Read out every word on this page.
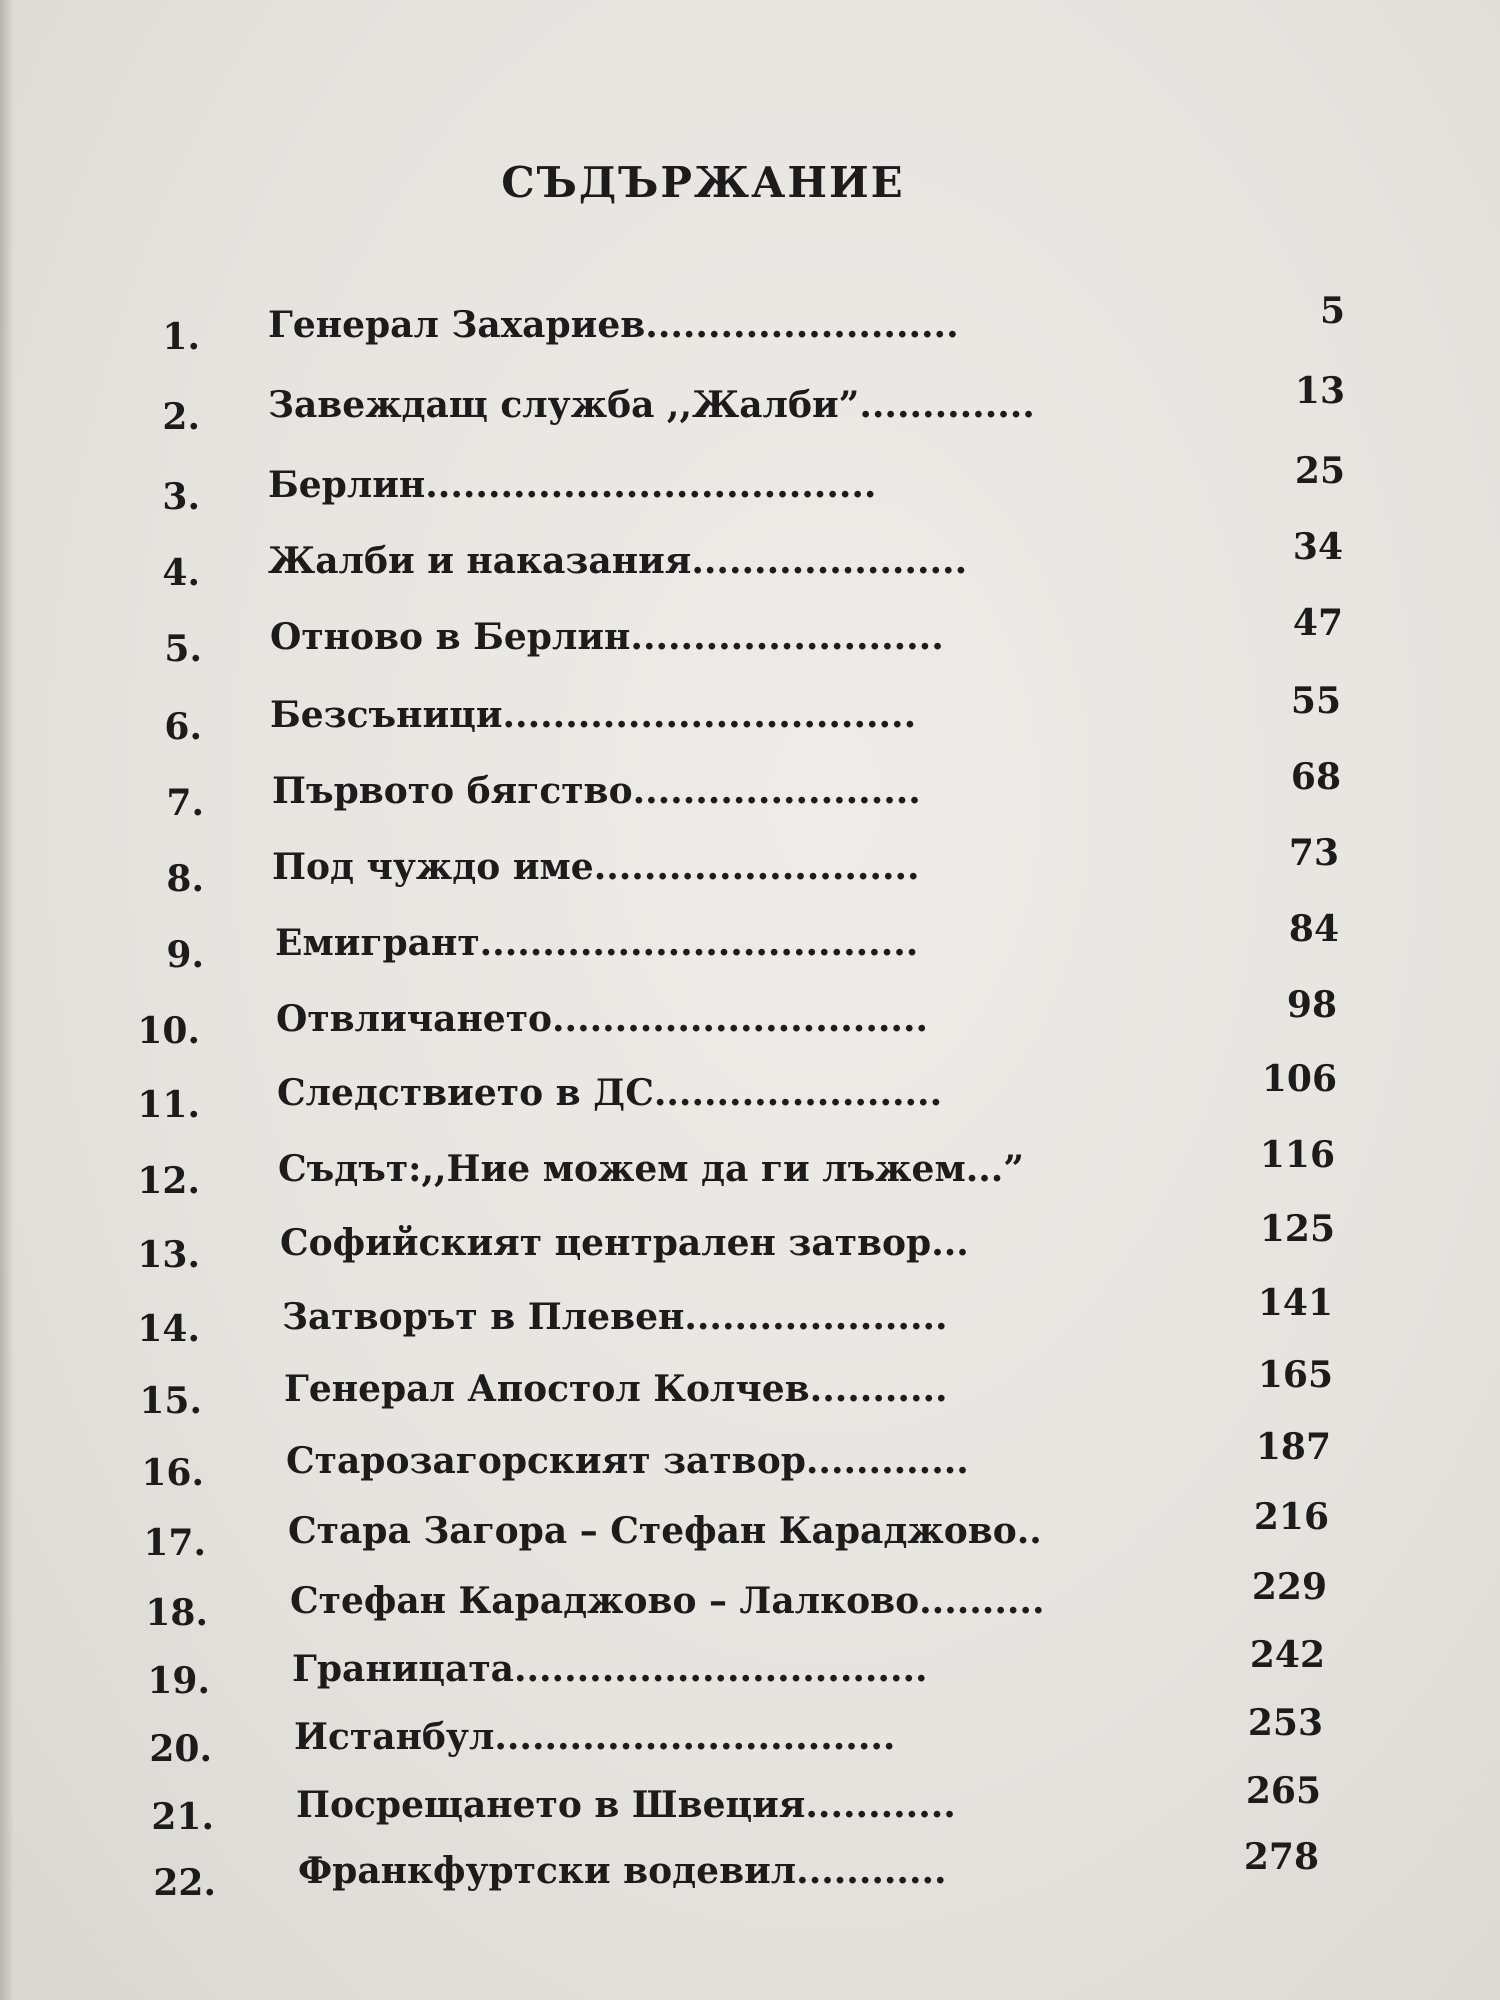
СЪДЪРЖАНИЕ
1. Генерал Захариев.........................	5
2. Завеждащ служба ,,Жалби”..............	13
3. Берлин....................................	25
4. Жалби и наказания......................	34
5. Отново в Берлин.........................	47
6. Безсъници.................................	55
7. Първото бягство.......................	68
8. Под чуждо име..........................	73
9. Емигрант...................................	84
10. Отвличането..............................	98
11. Следствието в ДС.......................	106
12. Съдът:,,Ние можем да ги лъжем...”	116
13. Софийският централен затвор...	125
14. Затворът в Плевен.....................	141
15. Генерал Апостол Колчев...........	165
16. Старозагорският затвор.............	187
17. Стара Загора – Стефан Караджово..	216
18. Стефан Караджово – Лалково..........	229
19. Границата.................................	242
20. Истанбул................................	253
21. Посрещането в Швеция............	265
22. Франкфуртски водевил............	278
